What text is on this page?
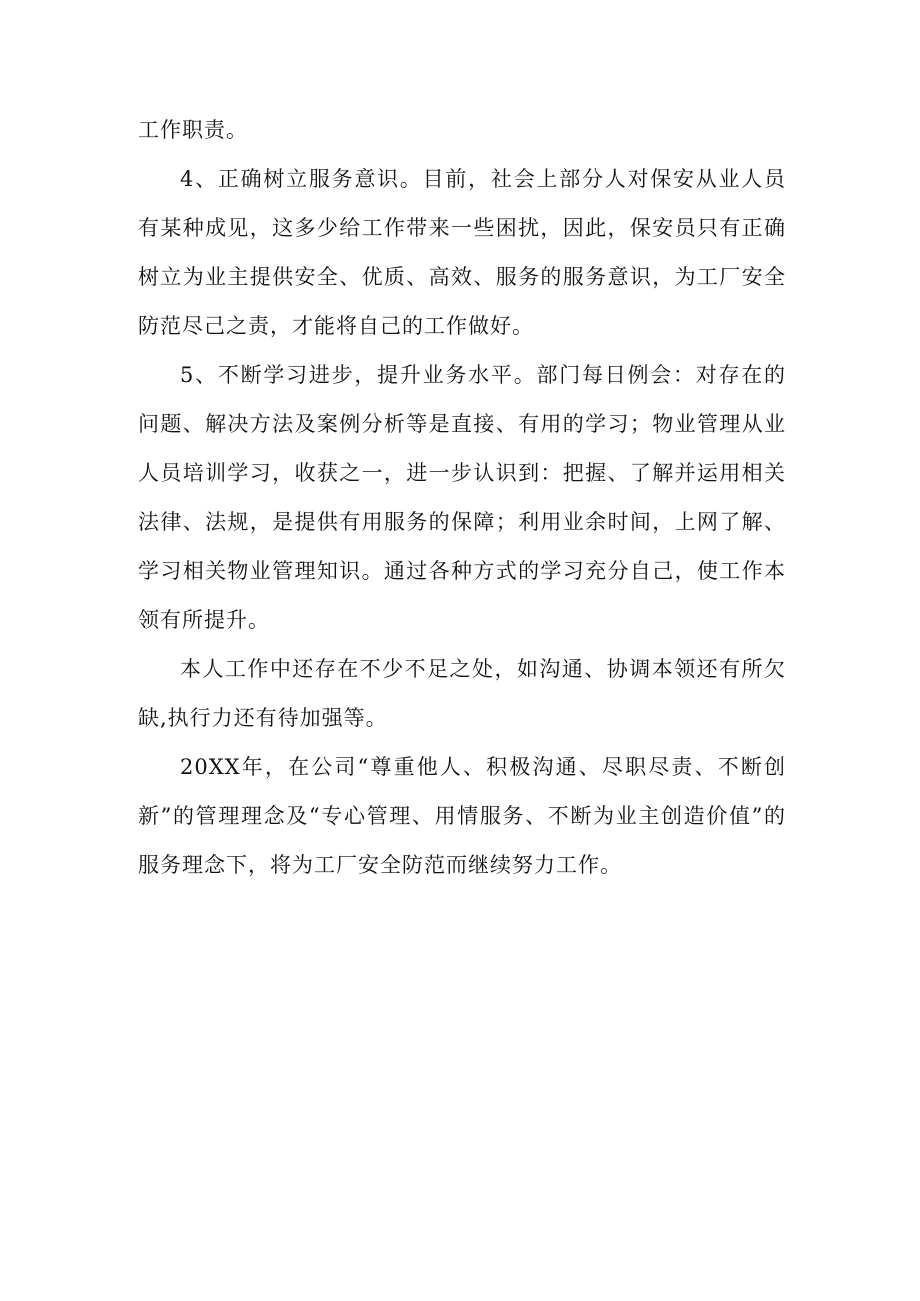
工作职责。

4、正确树立服务意识。目前，社会上部分人对保安从业人员有某种成见，这多少给工作带来一些困扰，因此，保安员只有正确树立为业主提供安全、优质、高效、服务的服务意识，为工厂安全防范尽己之责，才能将自己的工作做好。

5、不断学习进步，提升业务水平。部门每日例会：对存在的问题、解决方法及案例分析等是直接、有用的学习；物业管理从业人员培训学习，收获之一，进一步认识到：把握、了解并运用相关法律、法规，是提供有用服务的保障；利用业余时间，上网了解、学习相关物业管理知识。通过各种方式的学习充分自己，使工作本领有所提升。

本人工作中还存在不少不足之处，如沟通、协调本领还有所欠缺,执行力还有待加强等。

20XX年，在公司“尊重他人、积极沟通、尽职尽责、不断创新”的管理理念及“专心管理、用情服务、不断为业主创造价值”的服务理念下，将为工厂安全防范而继续努力工作。
